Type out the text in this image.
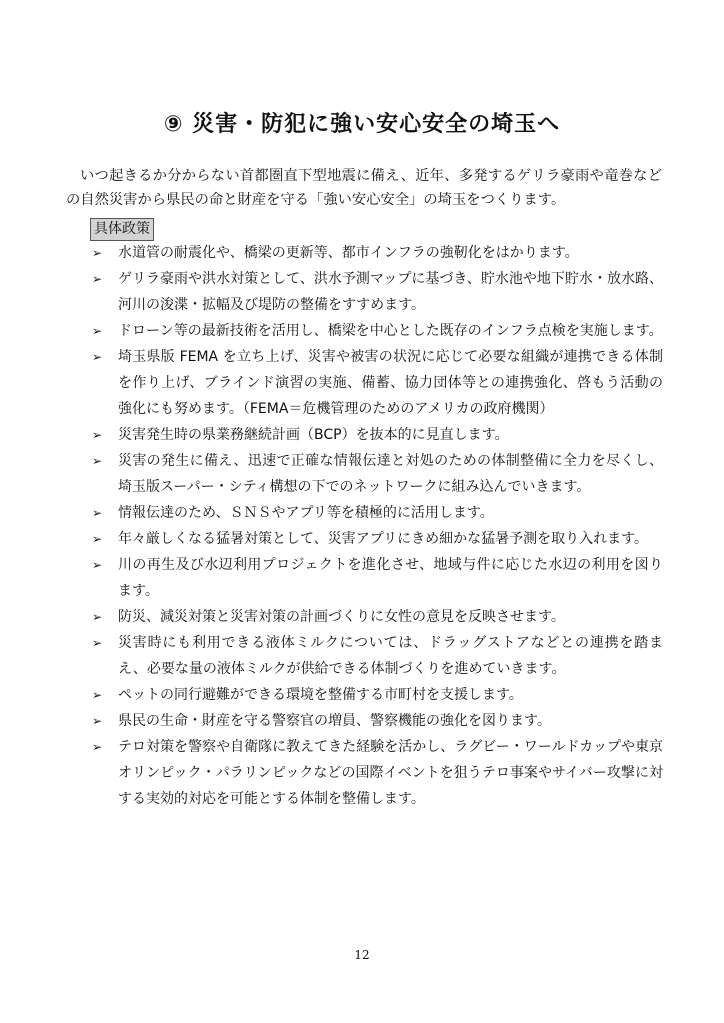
⑨ 災害・防犯に強い安心安全の埼玉へ

いつ起きるか分からない首都圏直下型地震に備え、近年、多発するゲリラ豪雨や竜巻などの自然災害から県民の命と財産を守る「強い安心安全」の埼玉をつくります。

具体政策
➢ 水道管の耐震化や、橋梁の更新等、都市インフラの強靭化をはかります。
➢ ゲリラ豪雨や洪水対策として、洪水予測マップに基づき、貯水池や地下貯水・放水路、河川の浚渫・拡幅及び堤防の整備をすすめます。
➢ ドローン等の最新技術を活用し、橋梁を中心とした既存のインフラ点検を実施します。
➢ 埼玉県版 FEMA を立ち上げ、災害や被害の状況に応じて必要な組織が連携できる体制を作り上げ、ブラインド演習の実施、備蓄、協力団体等との連携強化、啓もう活動の強化にも努めます。（FEMA＝危機管理のためのアメリカの政府機関）
➢ 災害発生時の県業務継続計画（BCP）を抜本的に見直します。
➢ 災害の発生に備え、迅速で正確な情報伝達と対処のための体制整備に全力を尽くし、埼玉版スーパー・シティ構想の下でのネットワークに組み込んでいきます。
➢ 情報伝達のため、ＳＮＳやアプリ等を積極的に活用します。
➢ 年々厳しくなる猛暑対策として、災害アプリにきめ細かな猛暑予測を取り入れます。
➢ 川の再生及び水辺利用プロジェクトを進化させ、地域与件に応じた水辺の利用を図ります。
➢ 防災、減災対策と災害対策の計画づくりに女性の意見を反映させます。
➢ 災害時にも利用できる液体ミルクについては、ドラッグストアなどとの連携を踏まえ、必要な量の液体ミルクが供給できる体制づくりを進めていきます。
➢ ペットの同行避難ができる環境を整備する市町村を支援します。
➢ 県民の生命・財産を守る警察官の増員、警察機能の強化を図ります。
➢ テロ対策を警察や自衛隊に教えてきた経験を活かし、ラグビー・ワールドカップや東京オリンピック・パラリンピックなどの国際イベントを狙うテロ事案やサイバー攻撃に対する実効的対応を可能とする体制を整備します。
12
